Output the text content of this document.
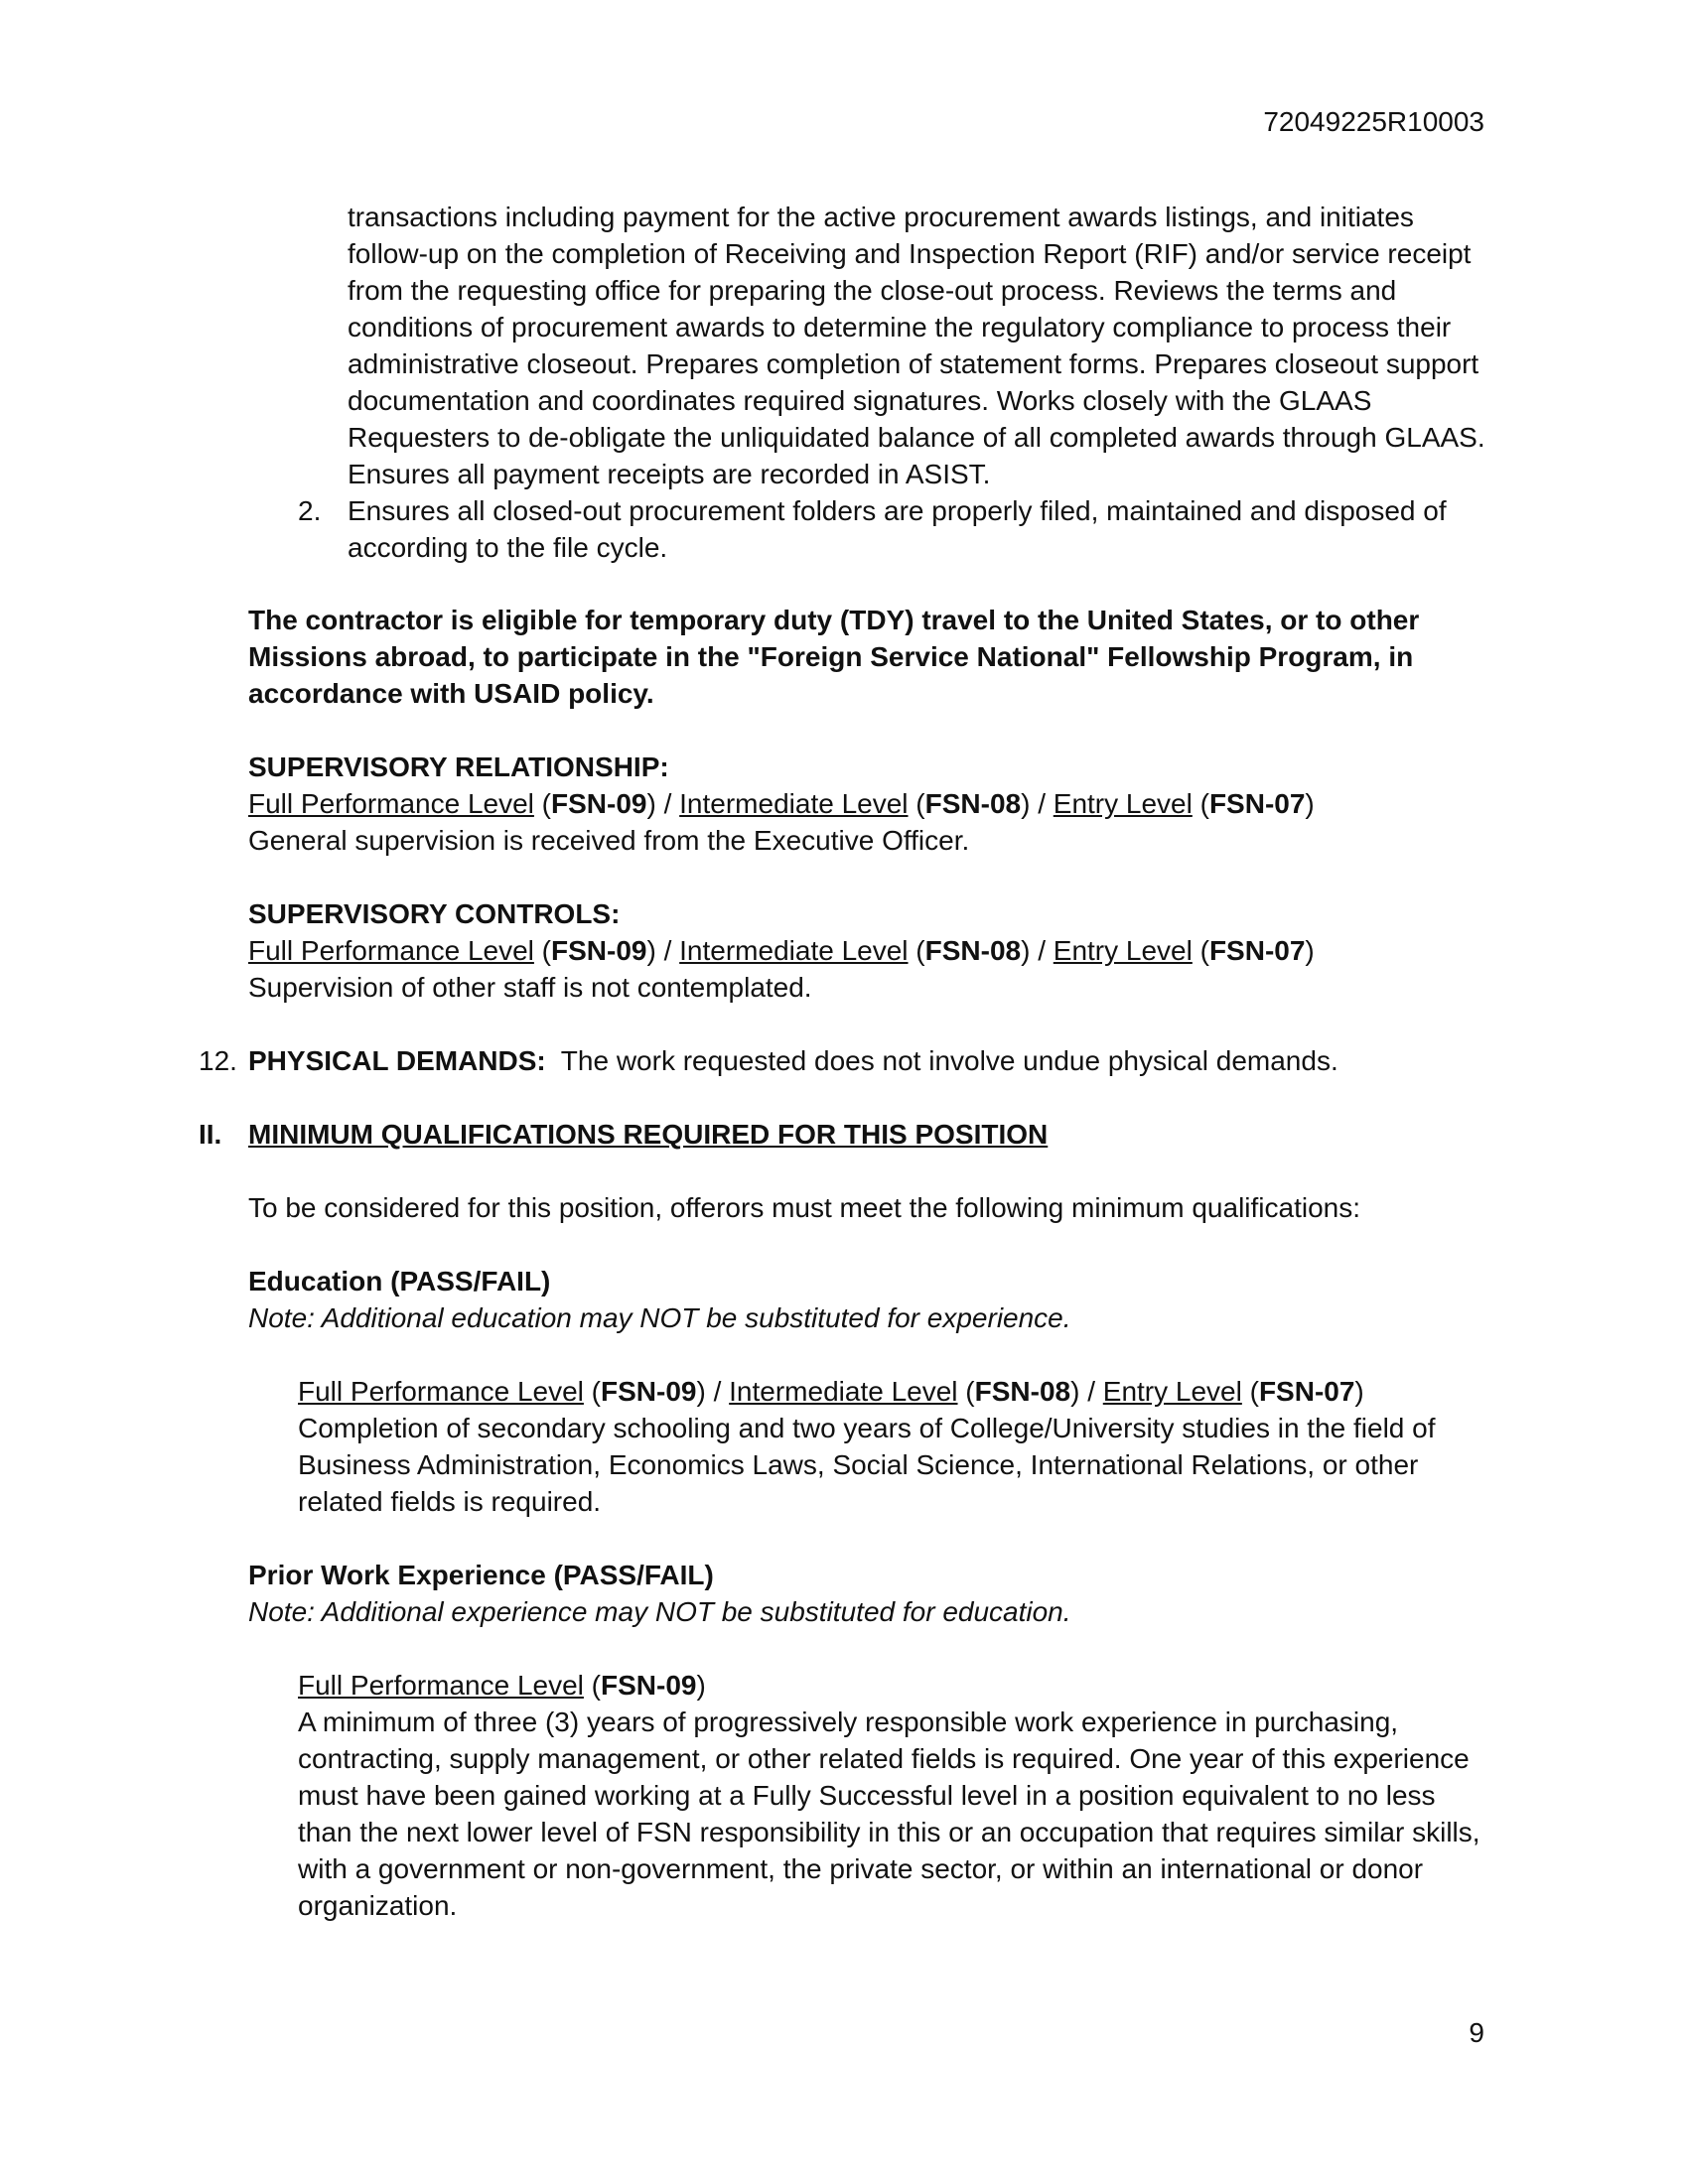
72049225R10003

transactions including payment for the active procurement awards listings, and initiates follow-up on the completion of Receiving and Inspection Report (RIF) and/or service receipt from the requesting office for preparing the close-out process. Reviews the terms and conditions of procurement awards to determine the regulatory compliance to process their administrative closeout. Prepares completion of statement forms. Prepares closeout support documentation and coordinates required signatures. Works closely with the GLAAS Requesters to de-obligate the unliquidated balance of all completed awards through GLAAS. Ensures all payment receipts are recorded in ASIST.

2. Ensures all closed-out procurement folders are properly filed, maintained and disposed of according to the file cycle.

The contractor is eligible for temporary duty (TDY) travel to the United States, or to other Missions abroad, to participate in the "Foreign Service National" Fellowship Program, in accordance with USAID policy.

SUPERVISORY RELATIONSHIP:
Full Performance Level (FSN-09) / Intermediate Level (FSN-08) / Entry Level (FSN-07)
General supervision is received from the Executive Officer.
SUPERVISORY CONTROLS:
Full Performance Level (FSN-09) / Intermediate Level (FSN-08) / Entry Level (FSN-07)
Supervision of other staff is not contemplated.
12. PHYSICAL DEMANDS: The work requested does not involve undue physical demands.

II. MINIMUM QUALIFICATIONS REQUIRED FOR THIS POSITION

To be considered for this position, offerors must meet the following minimum qualifications:

Education (PASS/FAIL)
Note: Additional education may NOT be substituted for experience.
Full Performance Level (FSN-09) / Intermediate Level (FSN-08) / Entry Level (FSN-07)
Completion of secondary schooling and two years of College/University studies in the field of Business Administration, Economics Laws, Social Science, International Relations, or other related fields is required.
Prior Work Experience (PASS/FAIL)
Note: Additional experience may NOT be substituted for education.
Full Performance Level (FSN-09)
A minimum of three (3) years of progressively responsible work experience in purchasing, contracting, supply management, or other related fields is required. One year of this experience must have been gained working at a Fully Successful level in a position equivalent to no less than the next lower level of FSN responsibility in this or an occupation that requires similar skills, with a government or non-government, the private sector, or within an international or donor organization.
9
